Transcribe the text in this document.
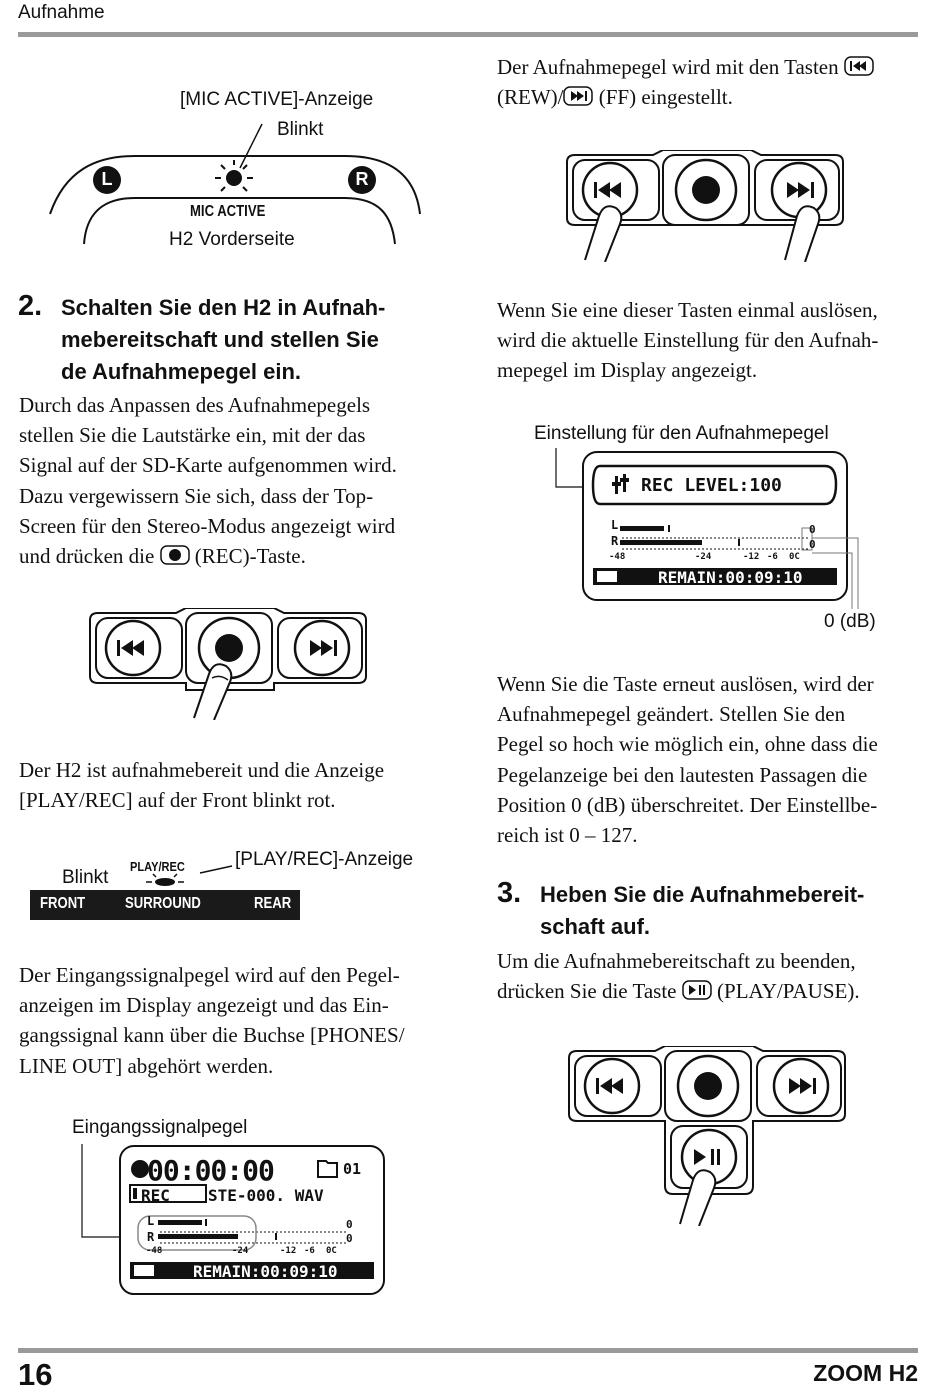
Aufnahme
[MIC ACTIVE]-Anzeige
Blinkt
L	R
MIC ACTIVE
H2 Vorderseite
2. Schalten Sie den H2 in Aufnah-
mebereitschaft und stellen Sie
de Aufnahmepegel ein.
Durch das Anpassen des Aufnahmepegels
stellen Sie die Lautstärke ein, mit der das
Signal auf der SD-Karte aufgenommen wird.
Dazu vergewissern Sie sich, dass der Top-
Screen für den Stereo-Modus angezeigt wird
und drücken die (REC)-Taste.
Der H2 ist aufnahmebereit und die Anzeige
[PLAY/REC] auf der Front blinkt rot.
[PLAY/REC]-Anzeige
Blinkt
PLAY/REC
FRONT SURROUND	REAR
Der Eingangssignalpegel wird auf den Pegel-
anzeigen im Display angezeigt und das Ein-
gangssignal kann über die Buchse [PHONES/
LINE OUT] abgehört werden.
Eingangssignalpegel
00:00:00	01
REC STE-000. WAV
L
R
0
0
-48	-24	-12 -6	0C
REMAIN:00:09:10
Der Aufnahmepegel wird mit den Tasten
(REW)/ (FF) eingestellt.
Wenn Sie eine dieser Tasten einmal auslösen,
wird die aktuelle Einstellung für den Aufnah-
mepegel im Display angezeigt.
Einstellung für den Aufnahmepegel
REC LEVEL:100
L
R
0
0
-48	-24	-12 -6	0C
REMAIN:00:09:10
0 (dB)
Wenn Sie die Taste erneut auslösen, wird der
Aufnahmepegel geändert. Stellen Sie den
Pegel so hoch wie möglich ein, ohne dass die
Pegelanzeige bei den lautesten Passagen die
Position 0 (dB) überschreitet. Der Einstellbe-
reich ist 0 – 127.
3. Heben Sie die Aufnahmebereit-
schaft auf.
Um die Aufnahmebereitschaft zu beenden,
drücken Sie die Taste (PLAY/PAUSE).
16	ZOOM H2
